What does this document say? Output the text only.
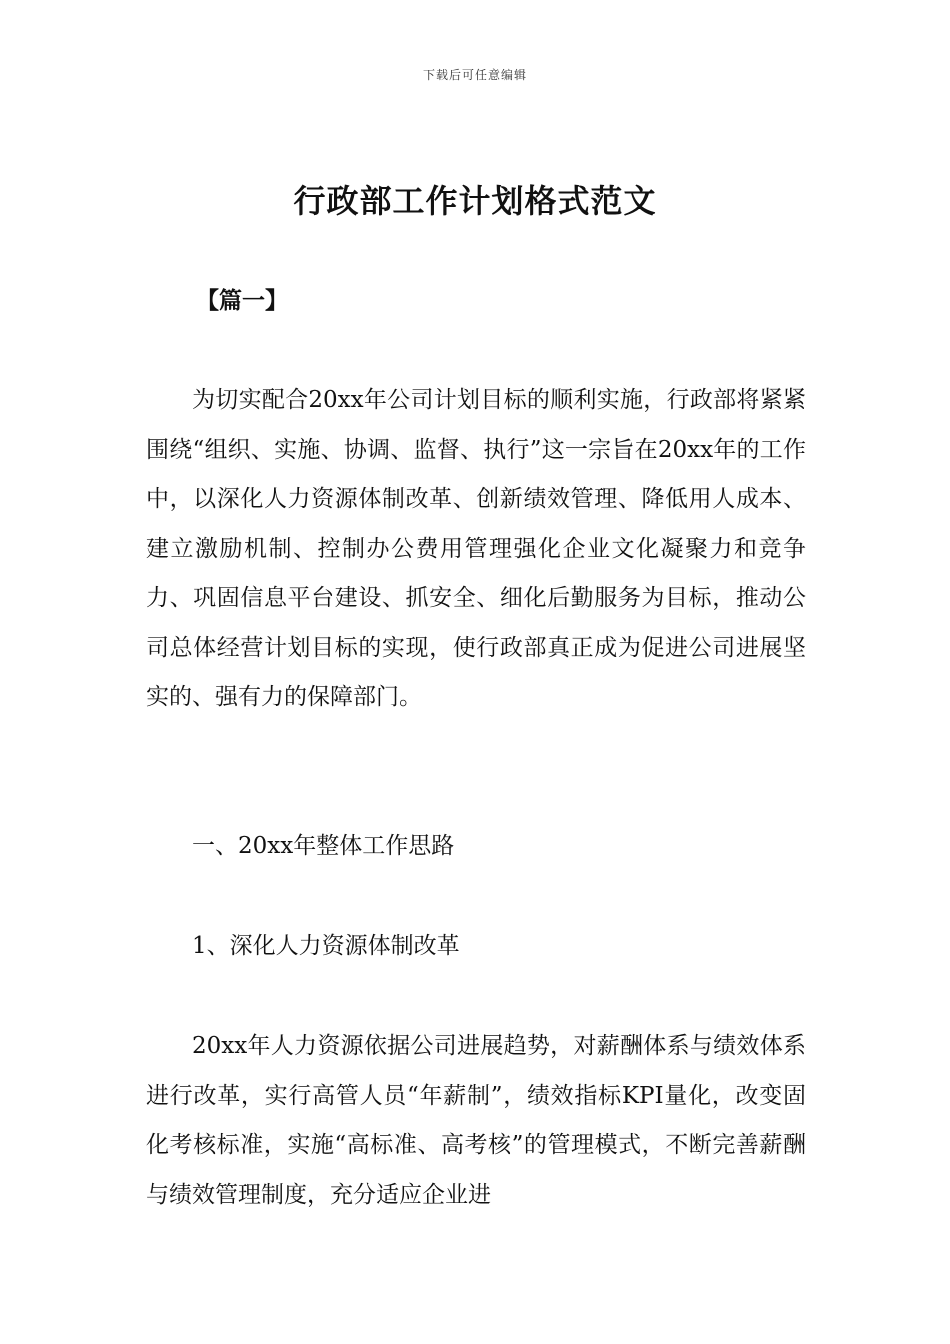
下载后可任意编辑
行政部工作计划格式范文
【篇一】

为切实配合20xx年公司计划目标的顺利实施，行政部将紧紧围绕“组织、实施、协调、监督、执行”这一宗旨在20xx年的工作中，以深化人力资源体制改革、创新绩效管理、降低用人成本、建立激励机制、控制办公费用管理强化企业文化凝聚力和竞争力、巩固信息平台建设、抓安全、细化后勤服务为目标，推动公司总体经营计划目标的实现，使行政部真正成为促进公司进展坚实的、强有力的保障部门。

一、20xx年整体工作思路

1、深化人力资源体制改革

20xx年人力资源依据公司进展趋势，对薪酬体系与绩效体系进行改革，实行高管人员“年薪制”，绩效指标KPI量化，改变固化考核标准，实施“高标准、高考核”的管理模式，不断完善薪酬与绩效管理制度，充分适应企业进
